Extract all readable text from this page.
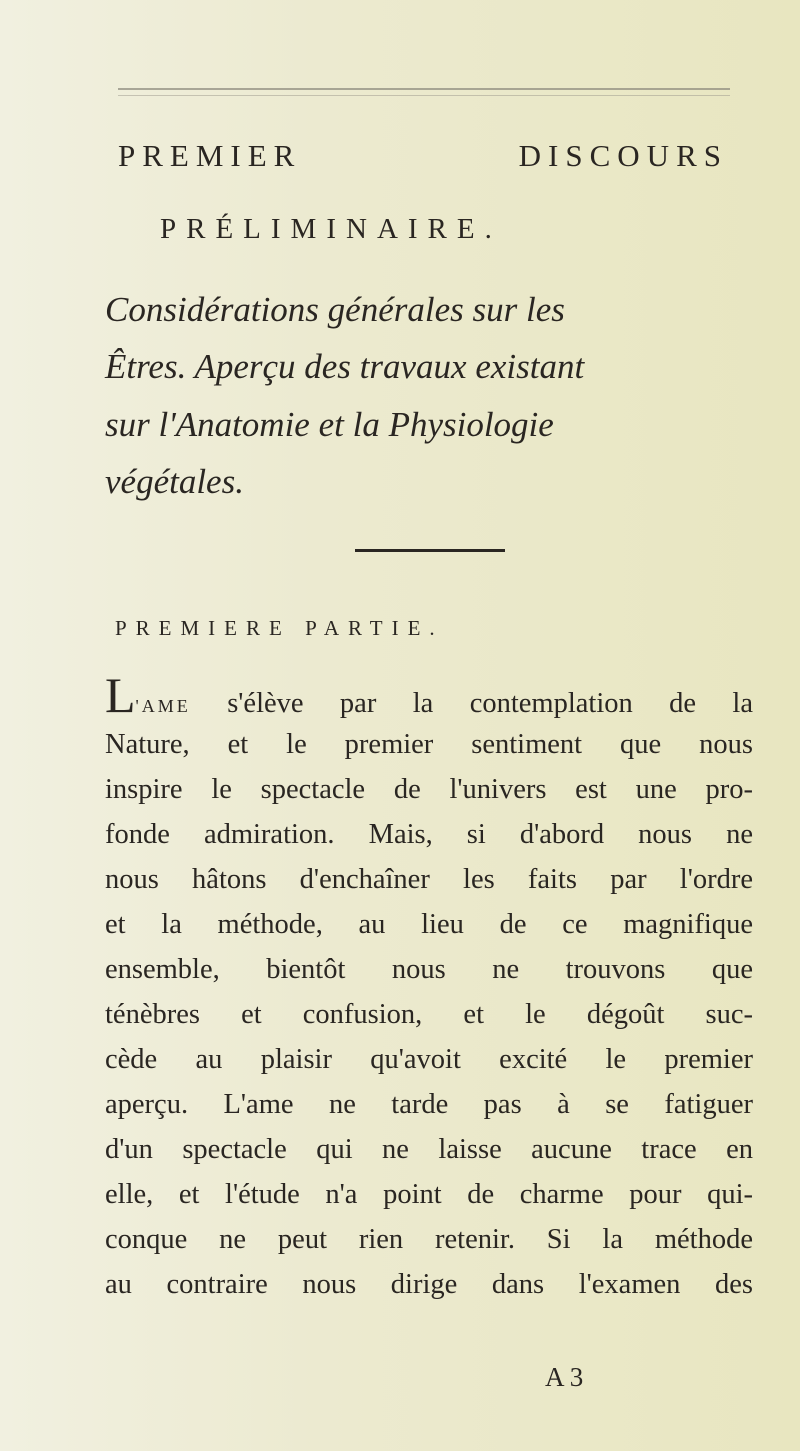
PREMIER DISCOURS
PRÉLIMINAIRE.
Considérations générales sur les
Êtres. Aperçu des travaux existant
sur l'Anatomie et la Physiologie
végétales.
PREMIERE PARTIE.
L'AME s'élève par la contemplation de la
Nature, et le premier sentiment que nous
inspire le spectacle de l'univers est une pro-
fonde admiration. Mais, si d'abord nous ne
nous hâtons d'enchaîner les faits par l'ordre
et la méthode, au lieu de ce magnifique
ensemble, bientôt nous ne trouvons que
ténèbres et confusion, et le dégoût suc-
cède au plaisir qu'avoit excité le premier
aperçu. L'ame ne tarde pas à se fatiguer
d'un spectacle qui ne laisse aucune trace en
elle, et l'étude n'a point de charme pour qui-
conque ne peut rien retenir. Si la méthode
au contraire nous dirige dans l'examen des
A 3
